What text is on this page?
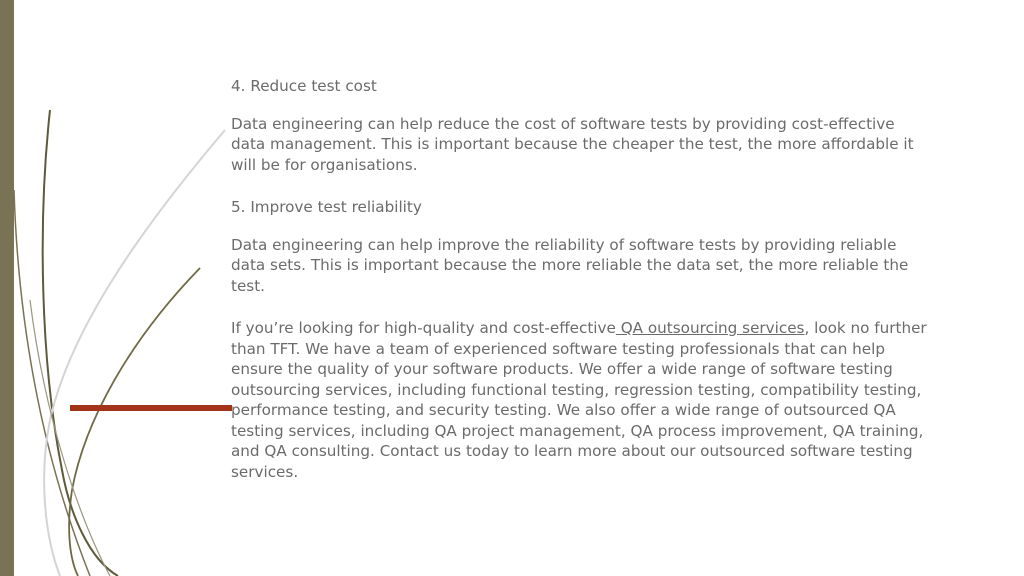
4. Reduce test cost

Data engineering can help reduce the cost of software tests by providing cost-effective data management. This is important because the cheaper the test, the more affordable it will be for organisations.

5. Improve test reliability

Data engineering can help improve the reliability of software tests by providing reliable data sets. This is important because the more reliable the data set, the more reliable the test.

If you’re looking for high-quality and cost-effective QA outsourcing services, look no further than TFT. We have a team of experienced software testing professionals that can help ensure the quality of your software products. We offer a wide range of software testing outsourcing services, including functional testing, regression testing, compatibility testing, performance testing, and security testing. We also offer a wide range of outsourced QA testing services, including QA project management, QA process improvement, QA training, and QA consulting. Contact us today to learn more about our outsourced software testing services.
